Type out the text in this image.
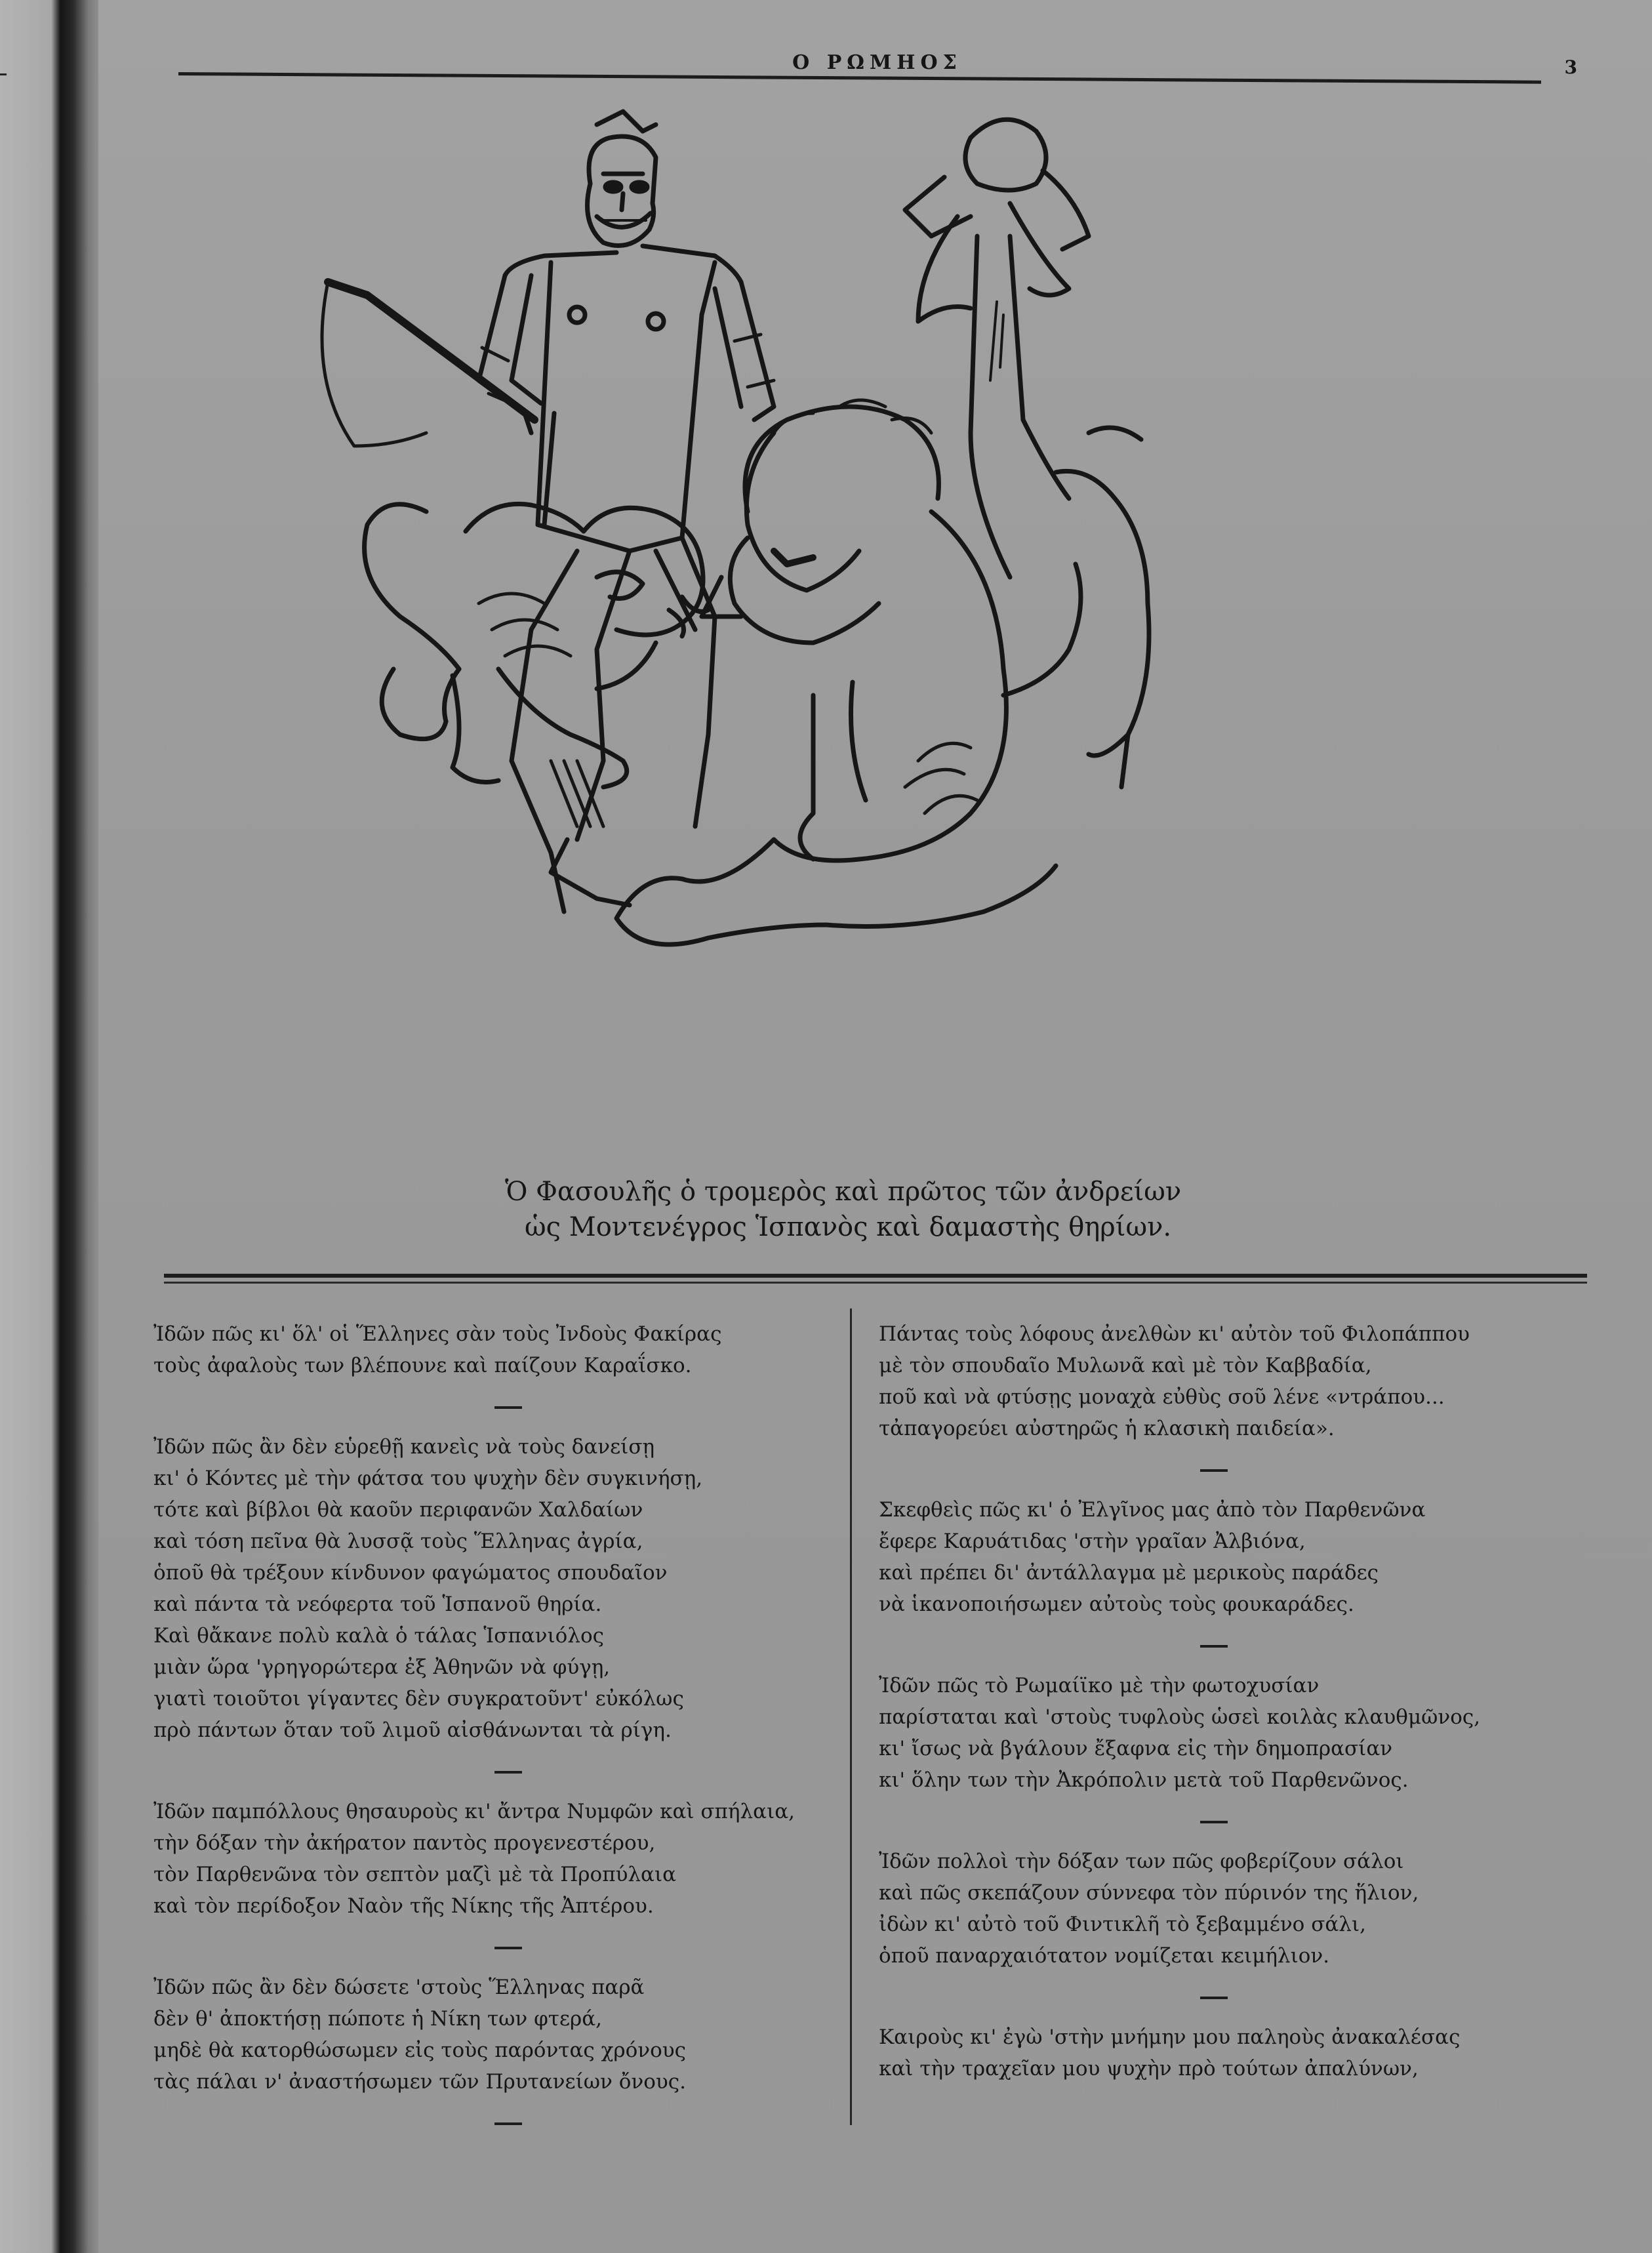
Ο ΡΩΜΗΟΣ	3
Ὁ Φασουλῆς ὁ τρομερὸς καὶ πρῶτος τῶν ἀνδρείων
ὡς Μοντενέγρος Ἱσπανὸς καὶ δαμαστὴς θηρίων.
Ἰδῶν πῶς κι' ὅλ' οἱ Ἕλληνες σὰν τοὺς Ἰνδοὺς Φακίρας
τοὺς ἀφαλοὺς των βλέπουνε καὶ παίζουν Καραΐσκο.
Ἰδῶν πῶς ἂν δὲν εὑρεθῇ κανεὶς νὰ τοὺς δανείσῃ
κι' ὁ Κόντες μὲ τὴν φάτσα του ψυχὴν δὲν συγκινήσῃ,
τότε καὶ βίβλοι θὰ καοῦν περιφανῶν Χαλδαίων
καὶ τόση πεῖνα θὰ λυσσᾷ τοὺς Ἕλληνας ἀγρία,
ὁποῦ θὰ τρέξουν κίνδυνον φαγώματος σπουδαῖον
καὶ πάντα τὰ νεόφερτα τοῦ Ἱσπανοῦ θηρία.
Καὶ θἄκανε πολὺ καλὰ ὁ τάλας Ἱσπανιόλος
μιὰν ὥρα 'γρηγορώτερα ἐξ Ἀθηνῶν νὰ φύγῃ,
γιατὶ τοιοῦτοι γίγαντες δὲν συγκρατοῦντ' εὐκόλως
πρὸ πάντων ὅταν τοῦ λιμοῦ αἰσθάνωνται τὰ ρίγη.
Ἰδῶν παμπόλλους θησαυροὺς κι' ἄντρα Νυμφῶν καὶ σπήλαια,
τὴν δόξαν τὴν ἀκήρατον παντὸς προγενεστέρου,
τὸν Παρθενῶνα τὸν σεπτὸν μαζὶ μὲ τὰ Προπύλαια
καὶ τὸν περίδοξον Ναὸν τῆς Νίκης τῆς Ἀπτέρου.
Ἰδῶν πῶς ἂν δὲν δώσετε 'στοὺς Ἕλληνας παρᾶ
δὲν θ' ἀποκτήσῃ πώποτε ἡ Νίκη των φτερά,
μηδὲ θὰ κατορθώσωμεν εἰς τοὺς παρόντας χρόνους
τὰς πάλαι ν' ἀναστήσωμεν τῶν Πρυτανείων ὄνους.
Πάντας τοὺς λόφους ἀνελθὼν κι' αὐτὸν τοῦ Φιλοπάππου
μὲ τὸν σπουδαῖο Μυλωνᾶ καὶ μὲ τὸν Καββαδία,
ποῦ καὶ νὰ φτύσῃς μοναχὰ εὐθὺς σοῦ λένε «ντράπου...
τἀπαγορεύει αὐστηρῶς ἡ κλασικὴ παιδεία».
Σκεφθεὶς πῶς κι' ὁ Ἐλγῖνος μας ἀπὸ τὸν Παρθενῶνα
ἔφερε Καρυάτιδας 'στὴν γραῖαν Ἀλβιόνα,
καὶ πρέπει δι' ἀντάλλαγμα μὲ μερικοὺς παράδες
νὰ ἱκανοποιήσωμεν αὐτοὺς τοὺς φουκαράδες.
Ἰδῶν πῶς τὸ Ρωμαίϊκο μὲ τὴν φωτοχυσίαν
παρίσταται καὶ 'στοὺς τυφλοὺς ὡσεὶ κοιλὰς κλαυθμῶνος,
κι' ἴσως νὰ βγάλουν ἔξαφνα εἰς τὴν δημοπρασίαν
κι' ὅλην των τὴν Ἀκρόπολιν μετὰ τοῦ Παρθενῶνος.
Ἰδῶν πολλοὶ τὴν δόξαν των πῶς φοβερίζουν σάλοι
καὶ πῶς σκεπάζουν σύννεφα τὸν πύρινόν της ἥλιον,
ἰδὼν κι' αὐτὸ τοῦ Φιντικλῆ τὸ ξεβαμμένο σάλι,
ὁποῦ παναρχαιότατον νομίζεται κειμήλιον.
Καιροὺς κι' ἐγὼ 'στὴν μνήμην μου παληοὺς ἀνακαλέσας
καὶ τὴν τραχεῖαν μου ψυχὴν πρὸ τούτων ἀπαλύνων,
